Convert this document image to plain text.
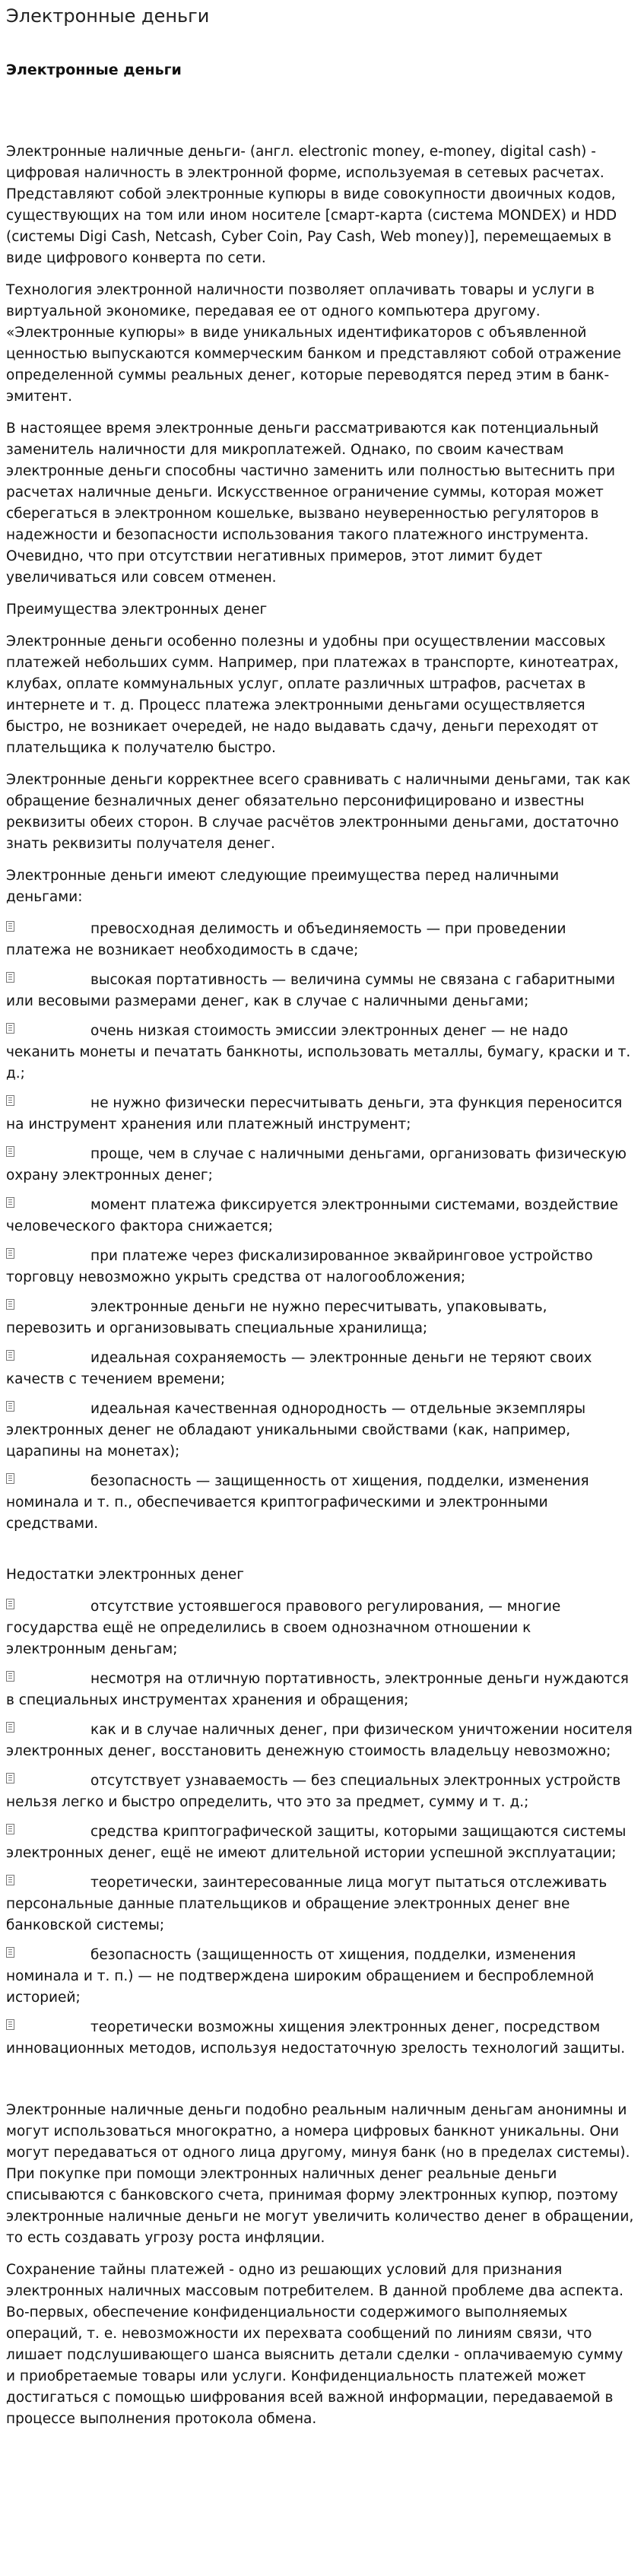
Электронные деньги
Электронные деньги

Электронные наличные деньги- (англ. electronic money, e-money, digital cash) - цифровая наличность в электронной форме, используемая в сетевых расчетах. Представляют собой электронные купюры в виде совокупности двоичных кодов, существующих на том или ином носителе [смарт-карта (система MONDEX) и HDD (системы Digi Cash, Netcash, Cyber Coin, Pay Cash, Web money)], перемещаемых в виде цифрового конверта по сети.

Технология электронной наличности позволяет оплачивать товары и услуги в виртуальной экономике, передавая ее от одного компьютера другому. «Электронные купюры» в виде уникальных идентификаторов с объявленной ценностью выпускаются коммерческим банком и представляют собой отражение определенной суммы реальных денег, которые переводятся перед этим в банк-эмитент.

В настоящее время электронные деньги рассматриваются как потенциальный заменитель наличности для микроплатежей. Однако, по своим качествам электронные деньги способны частично заменить или полностью вытеснить при расчетах наличные деньги. Искусственное ограничение суммы, которая может сберегаться в электронном кошельке, вызвано неуверенностью регуляторов в надежности и безопасности использования такого платежного инструмента. Очевидно, что при отсутствии негативных примеров, этот лимит будет увеличиваться или совсем отменен.

Преимущества электронных денег

Электронные деньги особенно полезны и удобны при осуществлении массовых платежей небольших сумм. Например, при платежах в транспорте, кинотеатрах, клубах, оплате коммунальных услуг, оплате различных штрафов, расчетах в интернете и т. д. Процесс платежа электронными деньгами осуществляется быстро, не возникает очередей, не надо выдавать сдачу, деньги переходят от плательщика к получателю быстро.

Электронные деньги корректнее всего сравнивать с наличными деньгами, так как обращение безналичных денег обязательно персонифицировано и известны реквизиты обеих сторон. В случае расчётов электронными деньгами, достаточно знать реквизиты получателя денег.

Электронные деньги имеют следующие преимущества перед наличными деньгами:

превосходная делимость и объединяемость — при проведении платежа не возникает необходимость в сдаче;
высокая портативность — величина суммы не связана с габаритными или весовыми размерами денег, как в случае с наличными деньгами;
очень низкая стоимость эмиссии электронных денег — не надо чеканить монеты и печатать банкноты, использовать металлы, бумагу, краски и т. д.;
не нужно физически пересчитывать деньги, эта функция переносится на инструмент хранения или платежный инструмент;
проще, чем в случае с наличными деньгами, организовать физическую охрану электронных денег;
момент платежа фиксируется электронными системами, воздействие человеческого фактора снижается;
при платеже через фискализированное эквайринговое устройство торговцу невозможно укрыть средства от налогообложения;
электронные деньги не нужно пересчитывать, упаковывать, перевозить и организовывать специальные хранилища;
идеальная сохраняемость — электронные деньги не теряют своих качеств с течением времени;
идеальная качественная однородность — отдельные экземпляры электронных денег не обладают уникальными свойствами (как, например, царапины на монетах);
безопасность — защищенность от хищения, подделки, изменения номинала и т. п., обеспечивается криптографическими и электронными средствами.
Недостатки электронных денег
отсутствие устоявшегося правового регулирования, — многие государства ещё не определились в своем однозначном отношении к электронным деньгам;
несмотря на отличную портативность, электронные деньги нуждаются в специальных инструментах хранения и обращения;
как и в случае наличных денег, при физическом уничтожении носителя электронных денег, восстановить денежную стоимость владельцу невозможно;
отсутствует узнаваемость — без специальных электронных устройств нельзя легко и быстро определить, что это за предмет, сумму и т. д.;
средства криптографической защиты, которыми защищаются системы электронных денег, ещё не имеют длительной истории успешной эксплуатации;
теоретически, заинтересованные лица могут пытаться отслеживать персональные данные плательщиков и обращение электронных денег вне банковской системы;
безопасность (защищенность от хищения, подделки, изменения номинала и т. п.) — не подтверждена широким обращением и беспроблемной историей;
теоретически возможны хищения электронных денег, посредством инновационных методов, используя недостаточную зрелость технологий защиты.

Электронные наличные деньги подобно реальным наличным деньгам анонимны и могут использоваться многократно, а номера цифровых банкнот уникальны. Они могут передаваться от одного лица другому, минуя банк (но в пределах системы). При покупке при помощи электронных наличных денег реальные деньги списываются с банковского счета, принимая форму электронных купюр, поэтому электронные наличные деньги не могут увеличить количество денег в обращении, то есть создавать угрозу роста инфляции.

Сохранение тайны платежей - одно из решающих условий для признания электронных наличных массовым потребителем. В данной проблеме два аспекта. Во-первых, обеспечение конфиденциальности содержимого выполняемых операций, т. е. невозможности их перехвата сообщений по линиям связи, что лишает подслушивающего шанса выяснить детали сделки - оплачиваемую сумму и приобретаемые товары или услуги. Конфиденциальность платежей может достигаться с помощью шифрования всей важной информации, передаваемой в процессе выполнения протокола обмена.
